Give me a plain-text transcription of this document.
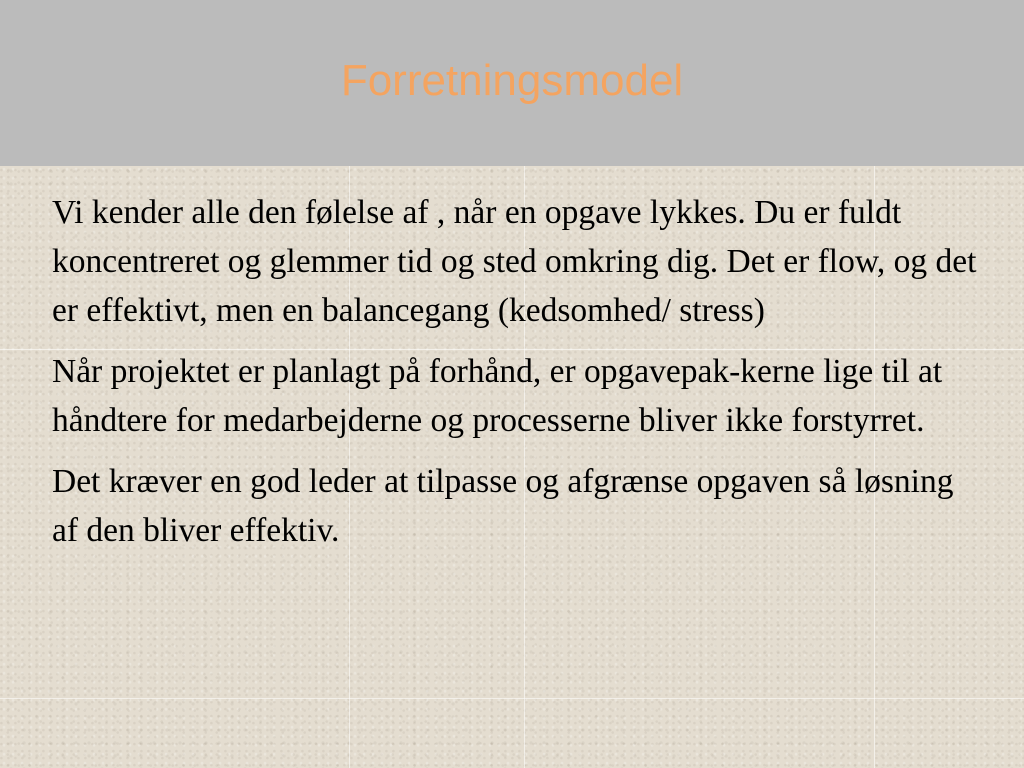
Forretningsmodel

Vi kender alle den følelse af , når en opgave lykkes. Du er fuldt koncentreret og glemmer tid og sted omkring dig. Det er flow, og det er effektivt, men en balancegang (kedsomhed/ stress)

Når projektet er planlagt på forhånd, er opgavepak-kerne lige til at håndtere for medarbejderne og processerne bliver ikke forstyrret.

Det kræver en god leder at tilpasse og afgrænse opgaven så løsning af den bliver effektiv.
